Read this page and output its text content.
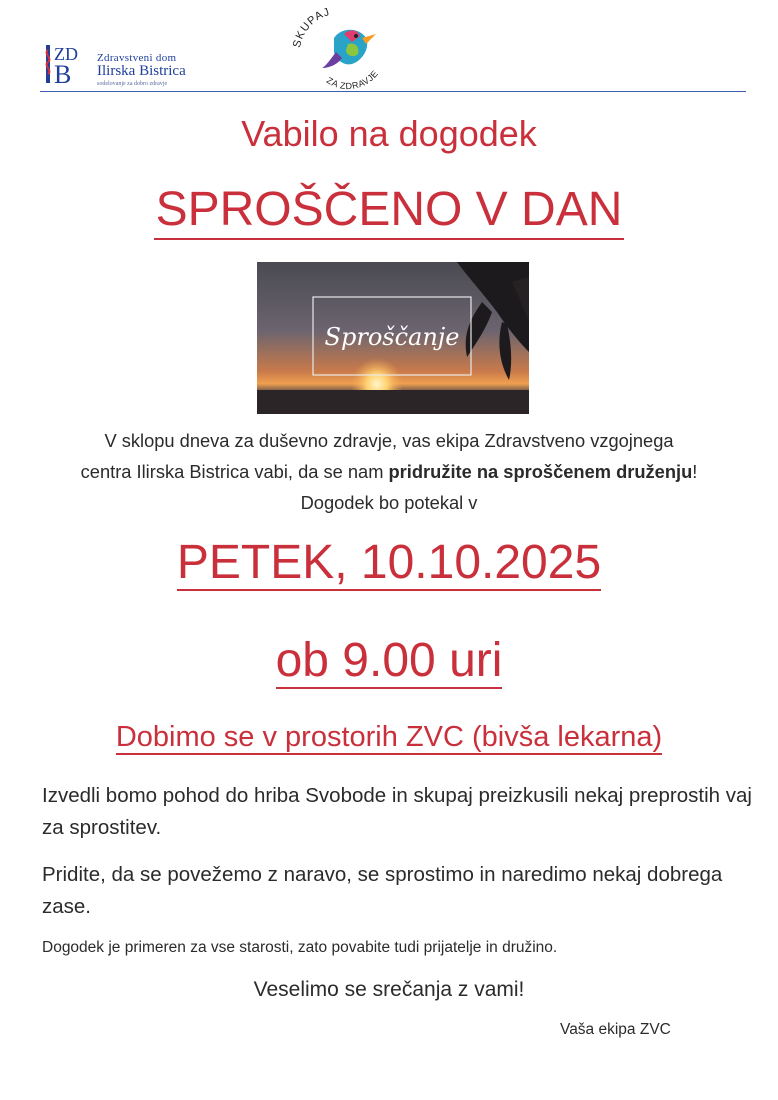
ZD
B
Zdravstveni dom
Ilirska Bistrica
sodelovanje za dobro zdravje
SKUPAJ
ZA ZDRAVJE
Vabilo na dogodek
SPROŠČENO V DAN
Sproščanje
V sklopu dneva za duševno zdravje, vas ekipa Zdravstveno vzgojnega
centra Ilirska Bistrica vabi, da se nam pridružite na sproščenem druženju!
Dogodek bo potekal v
PETEK, 10.10.2025
ob 9.00 uri
Dobimo se v prostorih ZVC (bivša lekarna)
Izvedli bomo pohod do hriba Svobode in skupaj preizkusili nekaj preprostih vaj za sprostitev.
Pridite, da se povežemo z naravo, se sprostimo in naredimo nekaj dobrega zase.
Dogodek je primeren za vse starosti, zato povabite tudi prijatelje in družino.
Veselimo se srečanja z vami!
Vaša ekipa ZVC
